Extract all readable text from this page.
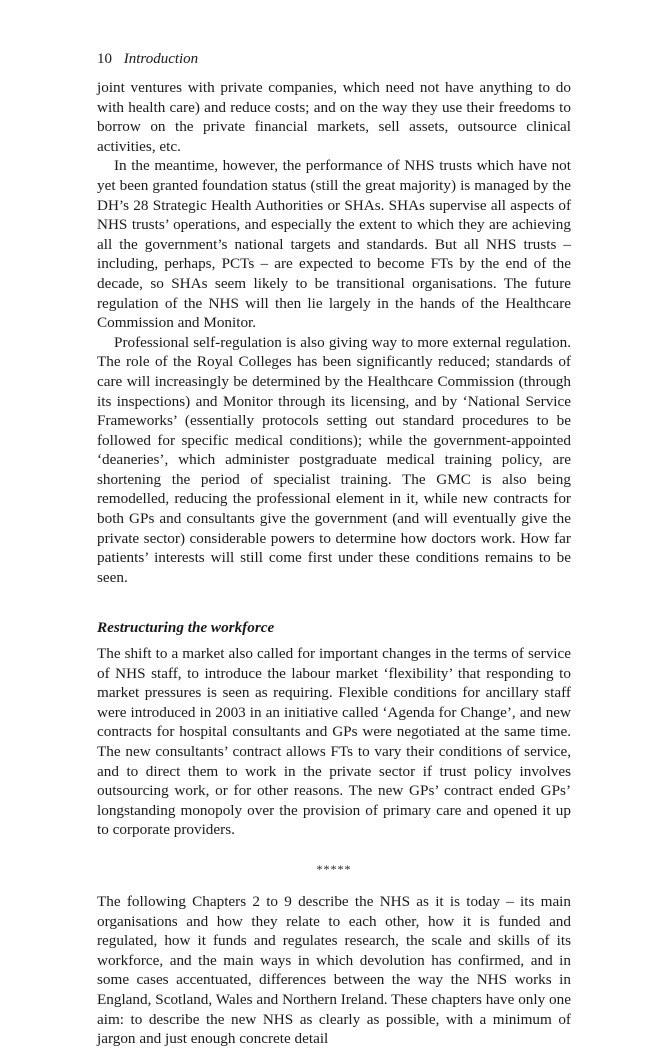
10 Introduction

joint ventures with private companies, which need not have anything to do with health care) and reduce costs; and on the way they use their freedoms to borrow on the private financial markets, sell assets, outsource clinical activities, etc.

In the meantime, however, the performance of NHS trusts which have not yet been granted foundation status (still the great majority) is managed by the DH’s 28 Strategic Health Authorities or SHAs. SHAs supervise all aspects of NHS trusts’ operations, and especially the extent to which they are achieving all the government’s national targets and standards. But all NHS trusts – including, perhaps, PCTs – are expected to become FTs by the end of the decade, so SHAs seem likely to be transitional organisations. The future regulation of the NHS will then lie largely in the hands of the Healthcare Commission and Monitor.

Professional self-regulation is also giving way to more external regulation. The role of the Royal Colleges has been significantly reduced; standards of care will increasingly be determined by the Healthcare Commission (through its inspections) and Monitor through its licensing, and by ‘National Service Frameworks’ (essentially protocols setting out standard procedures to be followed for specific medical conditions); while the government-appointed ‘deaneries’, which administer postgraduate medical training policy, are shortening the period of specialist training. The GMC is also being remodelled, reducing the professional element in it, while new contracts for both GPs and consultants give the government (and will eventually give the private sector) considerable powers to determine how doctors work. How far patients’ interests will still come first under these conditions remains to be seen.

Restructuring the workforce

The shift to a market also called for important changes in the terms of service of NHS staff, to introduce the labour market ‘flexibility’ that responding to market pressures is seen as requiring. Flexible conditions for ancillary staff were introduced in 2003 in an initiative called ‘Agenda for Change’, and new contracts for hospital consultants and GPs were negotiated at the same time. The new consultants’ contract allows FTs to vary their conditions of service, and to direct them to work in the private sector if trust policy involves outsourcing work, or for other reasons. The new GPs’ contract ended GPs’ longstanding monopoly over the provision of primary care and opened it up to corporate providers.

*****

The following Chapters 2 to 9 describe the NHS as it is today – its main organisations and how they relate to each other, how it is funded and regulated, how it funds and regulates research, the scale and skills of its workforce, and the main ways in which devolution has confirmed, and in some cases accentuated, differences between the way the NHS works in England, Scotland, Wales and Northern Ireland. These chapters have only one aim: to describe the new NHS as clearly as possible, with a minimum of jargon and just enough concrete detail
